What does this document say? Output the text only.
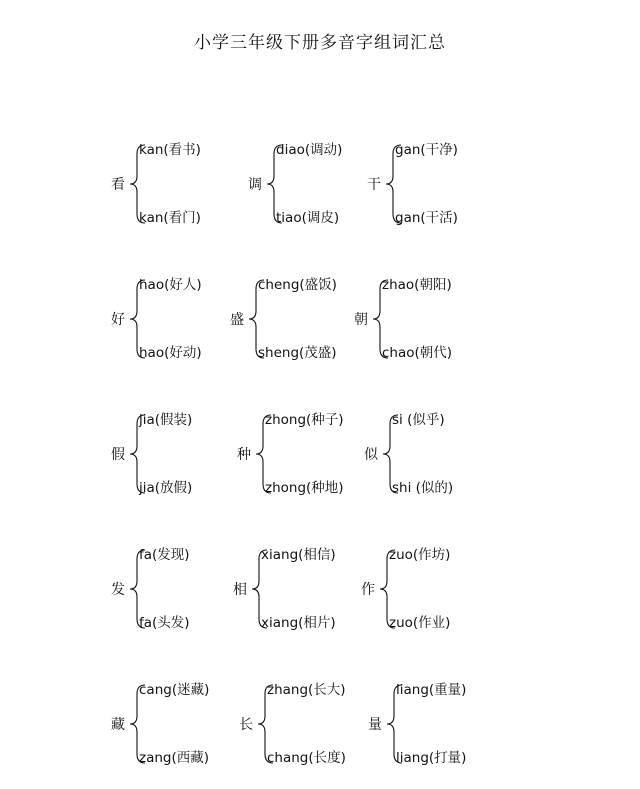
小学三年级下册多音字组词汇总
看
kan(看书)
kan(看门)
调
diao(调动)
tiao(调皮)
干
gan(干净)
gan(干活)
好
hao(好人)
hao(好动)
盛
cheng(盛饭)
sheng(茂盛)
朝
zhao(朝阳)
chao(朝代)
假
jia(假装)
jia(放假)
种
zhong(种子)
zhong(种地)
似
si (似乎)
shi (似的)
发
fa(发现)
fa(头发)
相
xiang(相信)
xiang(相片)
作
zuo(作坊)
zuo(作业)
藏
cang(迷藏)
zang(西藏)
长
zhang(长大)
chang(长度)
量
liang(重量)
liang(打量)
